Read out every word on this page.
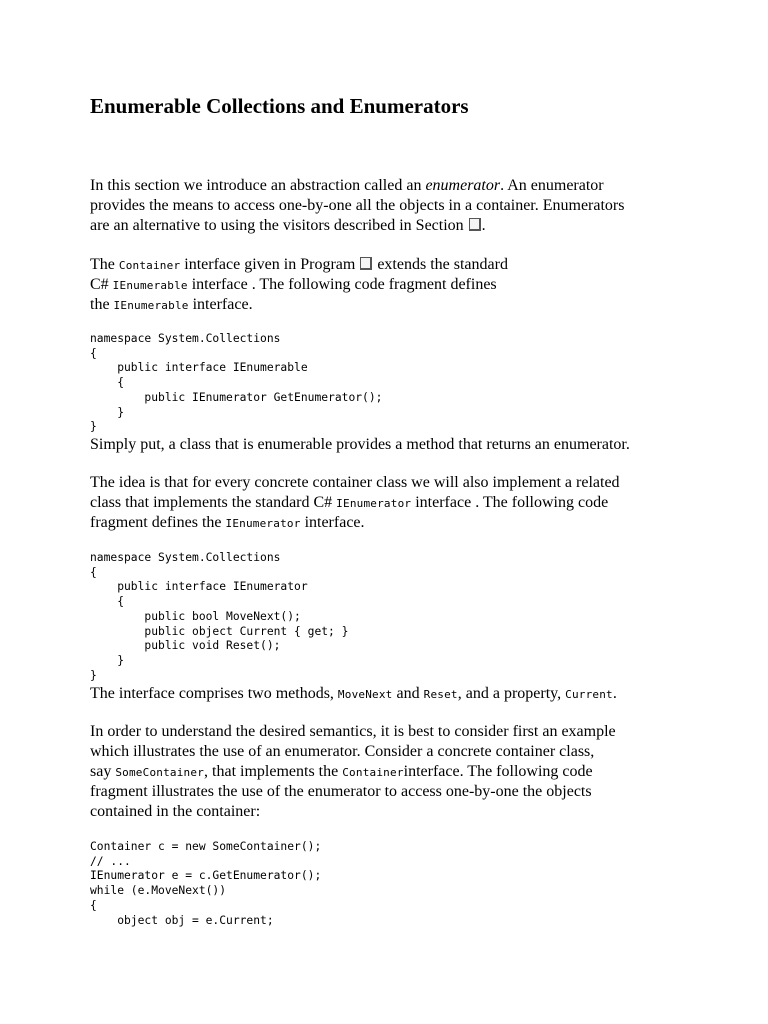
Enumerable Collections and Enumerators
In this section we introduce an abstraction called an enumerator. An enumerator
provides the means to access one-by-one all the objects in a container. Enumerators
are an alternative to using the visitors described in Section .
The Container interface given in Program  extends the standard
C# IEnumerable interface . The following code fragment defines
the IEnumerable interface.
namespace System.Collections
{
public interface IEnumerable
{
public IEnumerator GetEnumerator();
}
}
Simply put, a class that is enumerable provides a method that returns an enumerator.
The idea is that for every concrete container class we will also implement a related
class that implements the standard C# IEnumerator interface . The following code
fragment defines the IEnumerator interface.
namespace System.Collections
{
public interface IEnumerator
{
public bool MoveNext();
public object Current { get; }
public void Reset();
}
}
The interface comprises two methods, MoveNext and Reset, and a property, Current.
In order to understand the desired semantics, it is best to consider first an example
which illustrates the use of an enumerator. Consider a concrete container class,
say SomeContainer, that implements the Containerinterface. The following code
fragment illustrates the use of the enumerator to access one-by-one the objects
contained in the container:
Container c = new SomeContainer();
// ...
IEnumerator e = c.GetEnumerator();
while (e.MoveNext())
{
object obj = e.Current;
